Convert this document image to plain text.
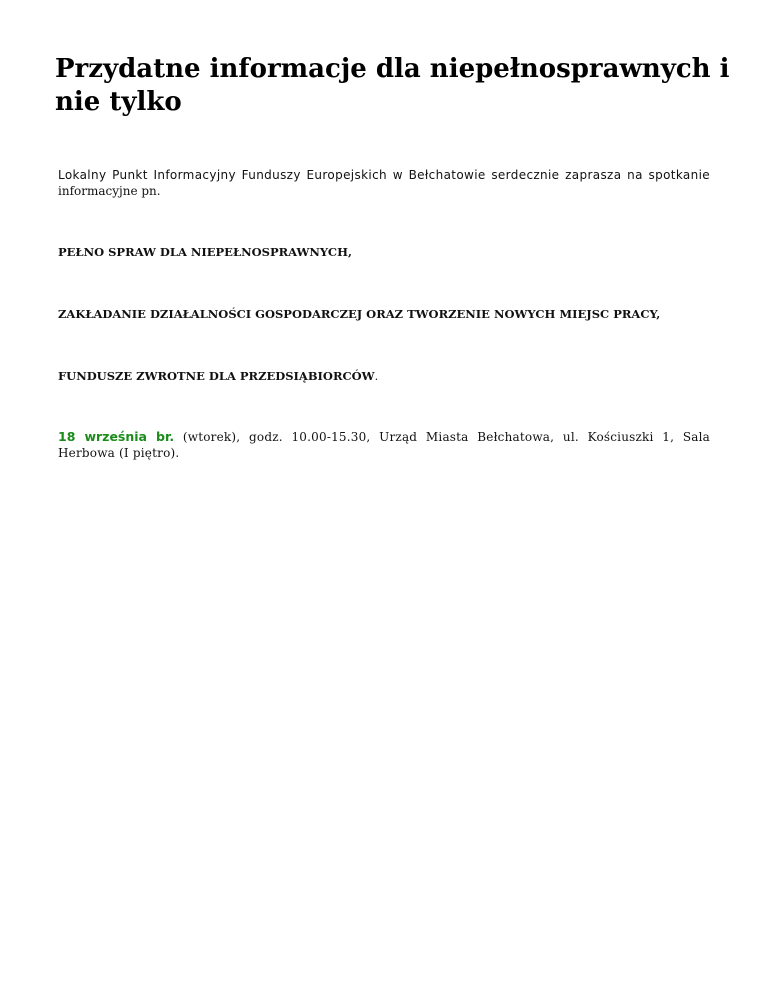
Przydatne informacje dla niepełnosprawnych i nie tylko

Lokalny Punkt Informacyjny Funduszy Europejskich w Bełchatowie serdecznie zaprasza na spotkanie informacyjne pn.

PEŁNO SPRAW DLA NIEPEŁNOSPRAWNYCH,

ZAKŁADANIE DZIAŁALNOŚCI GOSPODARCZEJ ORAZ TWORZENIE NOWYCH MIEJSC PRACY,

FUNDUSZE ZWROTNE DLA PRZEDSIĄBIORCÓW.

18 września br. (wtorek), godz. 10.00-15.30, Urząd Miasta Bełchatowa, ul. Kościuszki 1, Sala Herbowa (I piętro).
